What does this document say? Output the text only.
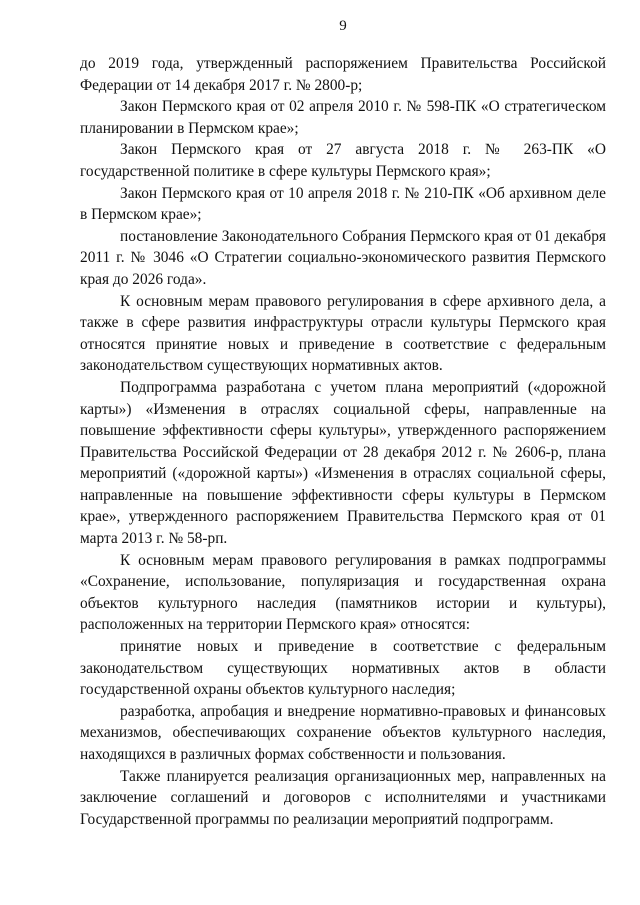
9

до 2019 года, утвержденный распоряжением Правительства Российской Федерации от 14 декабря 2017 г. № 2800-р;

Закон Пермского края от 02 апреля 2010 г. № 598-ПК «О стратегическом планировании в Пермском крае»;

Закон Пермского края от 27 августа 2018 г. № 263-ПК «О государственной политике в сфере культуры Пермского края»;

Закон Пермского края от 10 апреля 2018 г. № 210-ПК «Об архивном деле в Пермском крае»;

постановление Законодательного Собрания Пермского края от 01 декабря 2011 г. № 3046 «О Стратегии социально-экономического развития Пермского края до 2026 года».

К основным мерам правового регулирования в сфере архивного дела, а также в сфере развития инфраструктуры отрасли культуры Пермского края относятся принятие новых и приведение в соответствие с федеральным законодательством существующих нормативных актов.

Подпрограмма разработана с учетом плана мероприятий («дорожной карты») «Изменения в отраслях социальной сферы, направленные на повышение эффективности сферы культуры», утвержденного распоряжением Правительства Российской Федерации от 28 декабря 2012 г. № 2606-р, плана мероприятий («дорожной карты») «Изменения в отраслях социальной сферы, направленные на повышение эффективности сферы культуры в Пермском крае», утвержденного распоряжением Правительства Пермского края от 01 марта 2013 г. № 58-рп.

К основным мерам правового регулирования в рамках подпрограммы «Сохранение, использование, популяризация и государственная охрана объектов культурного наследия (памятников истории и культуры), расположенных на территории Пермского края» относятся:

принятие новых и приведение в соответствие с федеральным законодательством существующих нормативных актов в области государственной охраны объектов культурного наследия;

разработка, апробация и внедрение нормативно-правовых и финансовых механизмов, обеспечивающих сохранение объектов культурного наследия, находящихся в различных формах собственности и пользования.

Также планируется реализация организационных мер, направленных на заключение соглашений и договоров с исполнителями и участниками Государственной программы по реализации мероприятий подпрограмм.
